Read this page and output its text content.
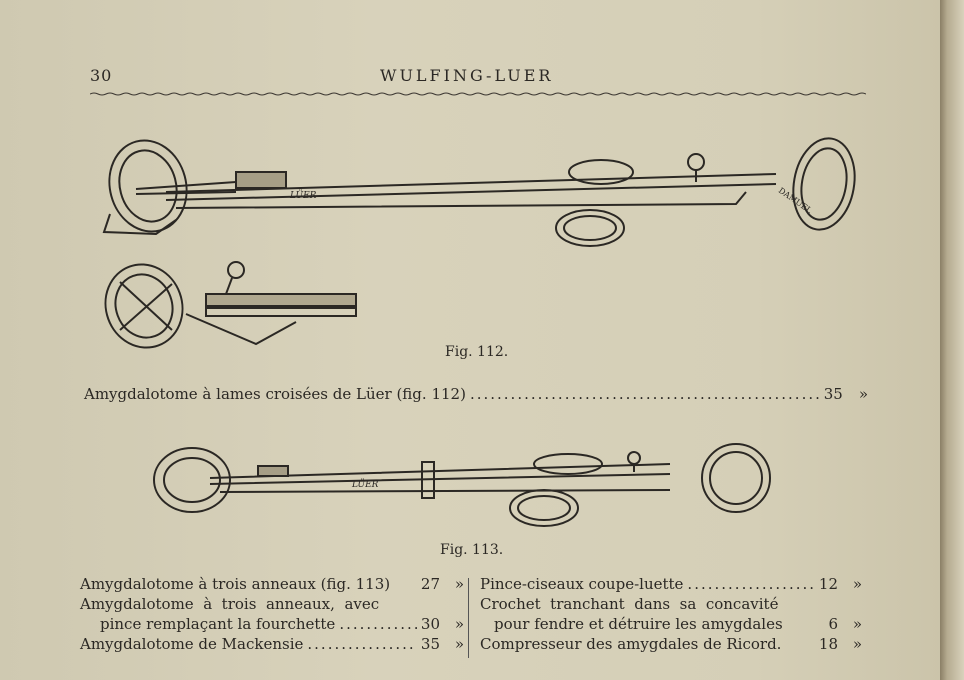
30	WULFING-LUER
LÜER	DAMUEL
Fig. 112.
Amygdalotome à lames croisées de Lüer (fig. 112) .....	35 »
LÜER
Fig. 113.
Amygdalotome à trois anneaux (fig. 113) 27 »
Amygdalotome  à  trois  anneaux,  avec
pince remplaçant la fourchette .....	30 »
Amygdalotome de Mackensie .....	35 »
Pince-ciseaux coupe-luette .....	12 »
Crochet  tranchant  dans  sa  concavité
pour fendre et détruire les amygdales	6 »
Compresseur des amygdales de Ricord. 18 »
